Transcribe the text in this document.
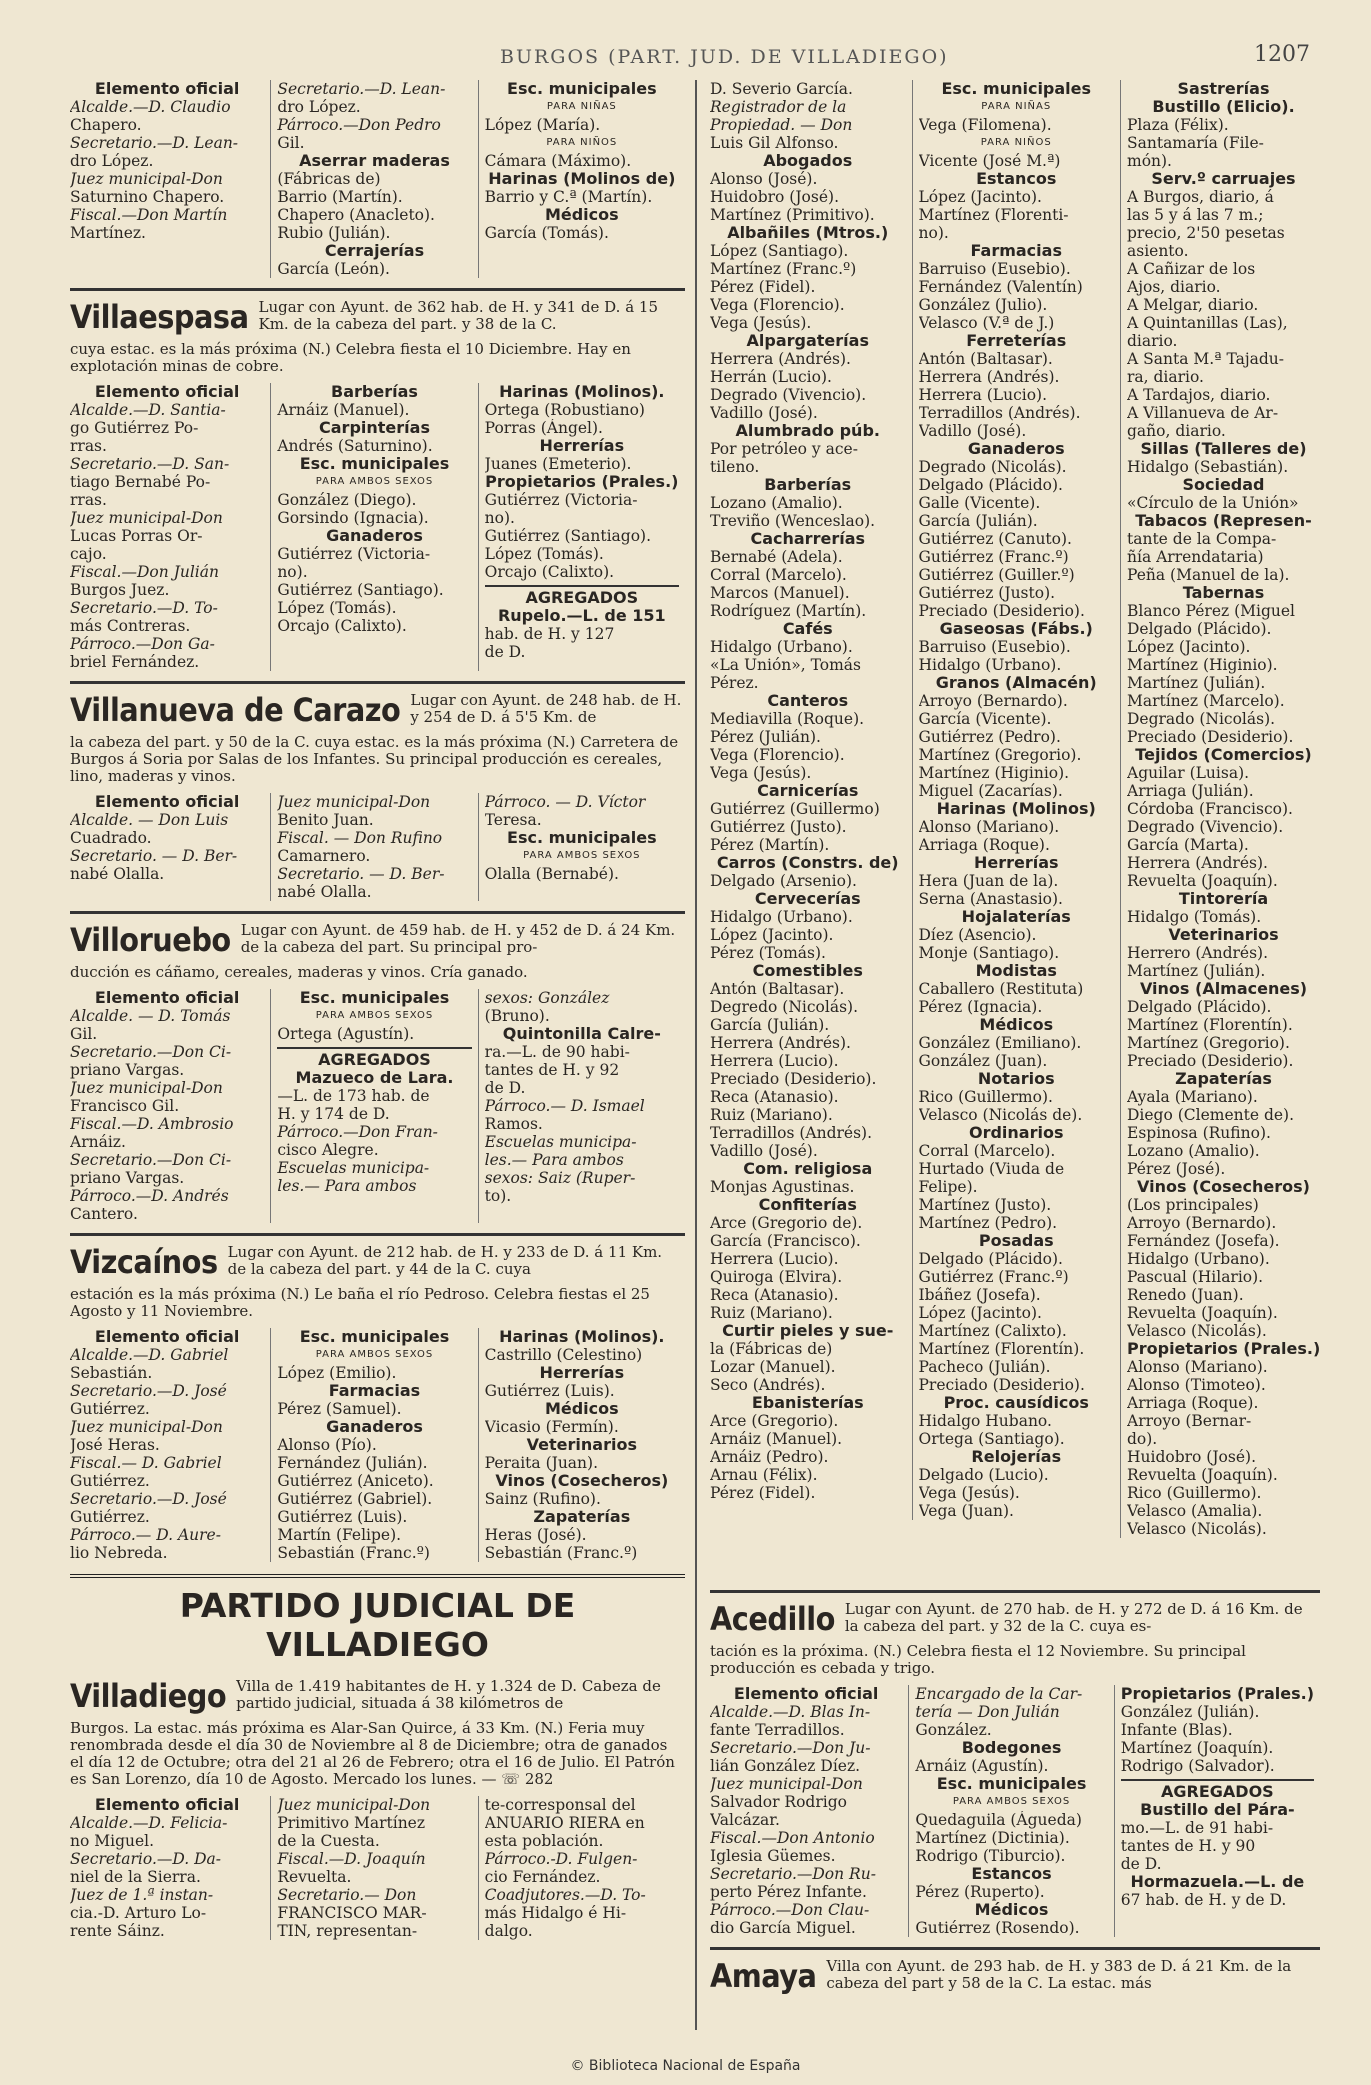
BURGOS (PART. JUD. DE VILLADIEGO)	1207
Elemento oficial
Alcalde.—D. Claudio
Chapero.
Secretario.—D. Lean-
dro López.
Juez municipal-Don
Saturnino Chapero.
Fiscal.—Don Martín
Martínez.
Secretario.—D. Lean-
dro López.
Párroco.—Don Pedro
Gil.
Aserrar maderas
(Fábricas de)
Barrio (Martín).
Chapero (Anacleto).
Rubio (Julián).
Cerrajerías
García (León).
Esc. municipales
PARA NIÑAS
López (María).
PARA NIÑOS
Cámara (Máximo).
Harinas (Molinos de)
Barrio y C.ª (Martín).
Médicos
García (Tomás).
Villaespasa Lugar con Ayunt. de 362 hab. de H. y 341 de D. á 15 Km. de la cabeza del part. y 38 de la C.
cuya estac. es la más próxima (N.) Celebra fiesta el 10 Diciembre. Hay en explotación minas de cobre.
Elemento oficial
Alcalde.—D. Santia-
go Gutiérrez Po-
rras.
Secretario.—D. San-
tiago Bernabé Po-
rras.
Juez municipal-Don
Lucas Porras Or-
cajo.
Fiscal.—Don Julián
Burgos Juez.
Secretario.—D. To-
más Contreras.
Párroco.—Don Ga-
briel Fernández.
Barberías
Arnáiz (Manuel).
Carpinterías
Andrés (Saturnino).
Esc. municipales
PARA AMBOS SEXOS
González (Diego).
Gorsindo (Ignacia).
Ganaderos
Gutiérrez (Victoria-
no).
Gutiérrez (Santiago).
López (Tomás).
Orcajo (Calixto).
Harinas (Molinos).
Ortega (Robustiano)
Porras (Ángel).
Herrerías
Juanes (Emeterio).
Propietarios (Prales.)
Gutiérrez (Victoria-
no).
Gutiérrez (Santiago).
López (Tomás).
Orcajo (Calixto).
AGREGADOS
Rupelo.—L. de 151
hab. de H. y 127
de D.
Villanueva de Carazo Lugar con Ayunt. de 248 hab. de H. y 254 de D. á 5'5 Km. de
la cabeza del part. y 50 de la C. cuya estac. es la más próxima (N.) Carretera de Burgos á Soria por Salas de los Infantes. Su principal producción es cereales, lino, maderas y vinos.
Elemento oficial
Alcalde. — Don Luis
Cuadrado.
Secretario. — D. Ber-
nabé Olalla.
Juez municipal-Don
Benito Juan.
Fiscal. — Don Rufino
Camarnero.
Secretario. — D. Ber-
nabé Olalla.
Párroco. — D. Víctor
Teresa.
Esc. municipales
PARA AMBOS SEXOS
Olalla (Bernabé).
Villoruebo Lugar con Ayunt. de 459 hab. de H. y 452 de D. á 24 Km. de la cabeza del part. Su principal pro-
ducción es cáñamo, cereales, maderas y vinos. Cría ganado.
Elemento oficial
Alcalde. — D. Tomás
Gil.
Secretario.—Don Ci-
priano Vargas.
Juez municipal-Don
Francisco Gil.
Fiscal.—D. Ambrosio
Arnáiz.
Secretario.—Don Ci-
priano Vargas.
Párroco.—D. Andrés
Cantero.
Esc. municipales
PARA AMBOS SEXOS
Ortega (Agustín).
AGREGADOS
Mazueco de Lara.
—L. de 173 hab. de
H. y 174 de D.
Párroco.—Don Fran-
cisco Alegre.
Escuelas municipa-
les.— Para ambos
sexos: González
(Bruno).
Quintonilla Calre-
ra.—L. de 90 habi-
tantes de H. y 92
de D.
Párroco.— D. Ismael
Ramos.
Escuelas municipa-
les.— Para ambos
sexos: Saiz (Ruper-
to).
Vizcaínos Lugar con Ayunt. de 212 hab. de H. y 233 de D. á 11 Km. de la cabeza del part. y 44 de la C. cuya
estación es la más próxima (N.) Le baña el río Pedroso. Celebra fiestas el 25 Agosto y 11 Noviembre.
Elemento oficial
Alcalde.—D. Gabriel
Sebastián.
Secretario.—D. José
Gutiérrez.
Juez municipal-Don
José Heras.
Fiscal.— D. Gabriel
Gutiérrez.
Secretario.—D. José
Gutiérrez.
Párroco.— D. Aure-
lio Nebreda.
Esc. municipales
PARA AMBOS SEXOS
López (Emilio).
Farmacias
Pérez (Samuel).
Ganaderos
Alonso (Pío).
Fernández (Julián).
Gutiérrez (Aniceto).
Gutiérrez (Gabriel).
Gutiérrez (Luis).
Martín (Felipe).
Sebastián (Franc.º)
Harinas (Molinos).
Castrillo (Celestino)
Herrerías
Gutiérrez (Luis).
Médicos
Vicasio (Fermín).
Veterinarios
Peraita (Juan).
Vinos (Cosecheros)
Sainz (Rufino).
Zapaterías
Heras (José).
Sebastián (Franc.º)
PARTIDO JUDICIAL DE VILLADIEGO
Villadiego Villa de 1.419 habitantes de H. y 1.324 de D. Cabeza de partido judicial, situada á 38 kilómetros de
Burgos. La estac. más próxima es Alar-San Quirce, á 33 Km. (N.) Feria muy renombrada desde el día 30 de Noviembre al 8 de Diciembre; otra de ganados el día 12 de Octubre; otra del 21 al 26 de Febrero; otra el 16 de Julio. El Patrón es San Lorenzo, día 10 de Agosto. Mercado los lunes. — ☏ 282
Elemento oficial
Alcalde.—D. Felicia-
no Miguel.
Secretario.—D. Da-
niel de la Sierra.
Juez de 1.ª instan-
cia.-D. Arturo Lo-
rente Sáinz.
Juez municipal-Don
Primitivo Martínez
de la Cuesta.
Fiscal.—D. Joaquín
Revuelta.
Secretario.— Don
FRANCISCO MAR-
TIN, representan-
te-corresponsal del
ANUARIO RIERA en
esta población.
Párroco.-D. Fulgen-
cio Fernández.
Coadjutores.—D. To-
más Hidalgo é Hi-
dalgo.
D. Severio García.
Registrador de la
Propiedad. — Don
Luis Gil Alfonso.
Abogados
Alonso (José).
Huidobro (José).
Martínez (Primitivo).
Albañiles (Mtros.)
López (Santiago).
Martínez (Franc.º)
Pérez (Fidel).
Vega (Florencio).
Vega (Jesús).
Alpargaterías
Herrera (Andrés).
Herrán (Lucio).
Degrado (Vivencio).
Vadillo (José).
Alumbrado púb.
Por petróleo y ace-
tileno.
Barberías
Lozano (Amalio).
Treviño (Wenceslao).
Cacharrerías
Bernabé (Adela).
Corral (Marcelo).
Marcos (Manuel).
Rodríguez (Martín).
Cafés
Hidalgo (Urbano).
«La Unión», Tomás
Pérez.
Canteros
Mediavilla (Roque).
Pérez (Julián).
Vega (Florencio).
Vega (Jesús).
Carnicerías
Gutiérrez (Guillermo)
Gutiérrez (Justo).
Pérez (Martín).
Carros (Constrs. de)
Delgado (Arsenio).
Cervecerías
Hidalgo (Urbano).
López (Jacinto).
Pérez (Tomás).
Comestibles
Antón (Baltasar).
Degredo (Nicolás).
García (Julián).
Herrera (Andrés).
Herrera (Lucio).
Preciado (Desiderio).
Reca (Atanasio).
Ruiz (Mariano).
Terradillos (Andrés).
Vadillo (José).
Com. religiosa
Monjas Agustinas.
Confiterías
Arce (Gregorio de).
García (Francisco).
Herrera (Lucio).
Quiroga (Elvira).
Reca (Atanasio).
Ruiz (Mariano).
Curtir pieles y sue-
la (Fábricas de)
Lozar (Manuel).
Seco (Andrés).
Ebanisterías
Arce (Gregorio).
Arnáiz (Manuel).
Arnáiz (Pedro).
Arnau (Félix).
Pérez (Fidel).
Esc. municipales
PARA NIÑAS
Vega (Filomena).
PARA NIÑOS
Vicente (José M.ª)
Estancos
López (Jacinto).
Martínez (Florenti-
no).
Farmacias
Barruiso (Eusebio).
Fernández (Valentín)
González (Julio).
Velasco (V.ª de J.)
Ferreterías
Antón (Baltasar).
Herrera (Andrés).
Herrera (Lucio).
Terradillos (Andrés).
Vadillo (José).
Ganaderos
Degrado (Nicolás).
Delgado (Plácido).
Galle (Vicente).
García (Julián).
Gutiérrez (Canuto).
Gutiérrez (Franc.º)
Gutiérrez (Guiller.º)
Gutiérrez (Justo).
Preciado (Desiderio).
Gaseosas (Fábs.)
Barruiso (Eusebio).
Hidalgo (Urbano).
Granos (Almacén)
Arroyo (Bernardo).
García (Vicente).
Gutiérrez (Pedro).
Martínez (Gregorio).
Martínez (Higinio).
Miguel (Zacarías).
Harinas (Molinos)
Alonso (Mariano).
Arriaga (Roque).
Herrerías
Hera (Juan de la).
Serna (Anastasio).
Hojalaterías
Díez (Asencio).
Monje (Santiago).
Modistas
Caballero (Restituta)
Pérez (Ignacia).
Médicos
González (Emiliano).
González (Juan).
Notarios
Rico (Guillermo).
Velasco (Nicolás de).
Ordinarios
Corral (Marcelo).
Hurtado (Viuda de
Felipe).
Martínez (Justo).
Martínez (Pedro).
Posadas
Delgado (Plácido).
Gutiérrez (Franc.º)
Ibáñez (Josefa).
López (Jacinto).
Martínez (Calixto).
Martínez (Florentín).
Pacheco (Julián).
Preciado (Desiderio).
Proc. causídicos
Hidalgo Hubano.
Ortega (Santiago).
Relojerías
Delgado (Lucio).
Vega (Jesús).
Vega (Juan).
Sastrerías
Bustillo (Elicio).
Plaza (Félix).
Santamaría (File-
món).
Serv.º carruajes
A Burgos, diario, á
las 5 y á las 7 m.;
precio, 2'50 pesetas
asiento.
A Cañizar de los
Ajos, diario.
A Melgar, diario.
A Quintanillas (Las),
diario.
A Santa M.ª Tajadu-
ra, diario.
A Tardajos, diario.
A Villanueva de Ar-
gaño, diario.
Sillas (Talleres de)
Hidalgo (Sebastián).
Sociedad
«Círculo de la Unión»
Tabacos (Represen-
tante de la Compa-
ñía Arrendataria)
Peña (Manuel de la).
Tabernas
Blanco Pérez (Miguel
Delgado (Plácido).
López (Jacinto).
Martínez (Higinio).
Martínez (Julián).
Martínez (Marcelo).
Degrado (Nicolás).
Preciado (Desiderio).
Tejidos (Comercios)
Aguilar (Luisa).
Arriaga (Julián).
Córdoba (Francisco).
Degrado (Vivencio).
García (Marta).
Herrera (Andrés).
Revuelta (Joaquín).
Tintorería
Hidalgo (Tomás).
Veterinarios
Herrero (Andrés).
Martínez (Julián).
Vinos (Almacenes)
Delgado (Plácido).
Martínez (Florentín).
Martínez (Gregorio).
Preciado (Desiderio).
Zapaterías
Ayala (Mariano).
Diego (Clemente de).
Espinosa (Rufino).
Lozano (Amalio).
Pérez (José).
Vinos (Cosecheros)
(Los principales)
Arroyo (Bernardo).
Fernández (Josefa).
Hidalgo (Urbano).
Pascual (Hilario).
Renedo (Juan).
Revuelta (Joaquín).
Velasco (Nicolás).
Propietarios (Prales.)
Alonso (Mariano).
Alonso (Timoteo).
Arriaga (Roque).
Arroyo (Bernar-
do).
Huidobro (José).
Revuelta (Joaquín).
Rico (Guillermo).
Velasco (Amalia).
Velasco (Nicolás).
Acedillo Lugar con Ayunt. de 270 hab. de H. y 272 de D. á 16 Km. de la cabeza del part. y 32 de la C. cuya es-
tación es la próxima. (N.) Celebra fiesta el 12 Noviembre. Su principal producción es cebada y trigo.
Elemento oficial
Alcalde.—D. Blas In-
fante Terradillos.
Secretario.—Don Ju-
lián González Díez.
Juez municipal-Don
Salvador Rodrigo
Valcázar.
Fiscal.—Don Antonio
Iglesia Güemes.
Secretario.—Don Ru-
perto Pérez Infante.
Párroco.—Don Clau-
dio García Miguel.
Encargado de la Car-
tería — Don Julián
González.
Bodegones
Arnáiz (Agustín).
Esc. municipales
PARA AMBOS SEXOS
Quedaguila (Águeda)
Martínez (Dictinia).
Rodrigo (Tiburcio).
Estancos
Pérez (Ruperto).
Médicos
Gutiérrez (Rosendo).
Propietarios (Prales.)
González (Julián).
Infante (Blas).
Martínez (Joaquín).
Rodrigo (Salvador).
AGREGADOS
Bustillo del Pára-
mo.—L. de 91 habi-
tantes de H. y 90
de D.
Hormazuela.—L. de
67 hab. de H. y de D.
Amaya Villa con Ayunt. de 293 hab. de H. y 383 de D. á 21 Km. de la cabeza del part y 58 de la C. La estac. más
© Biblioteca Nacional de España
